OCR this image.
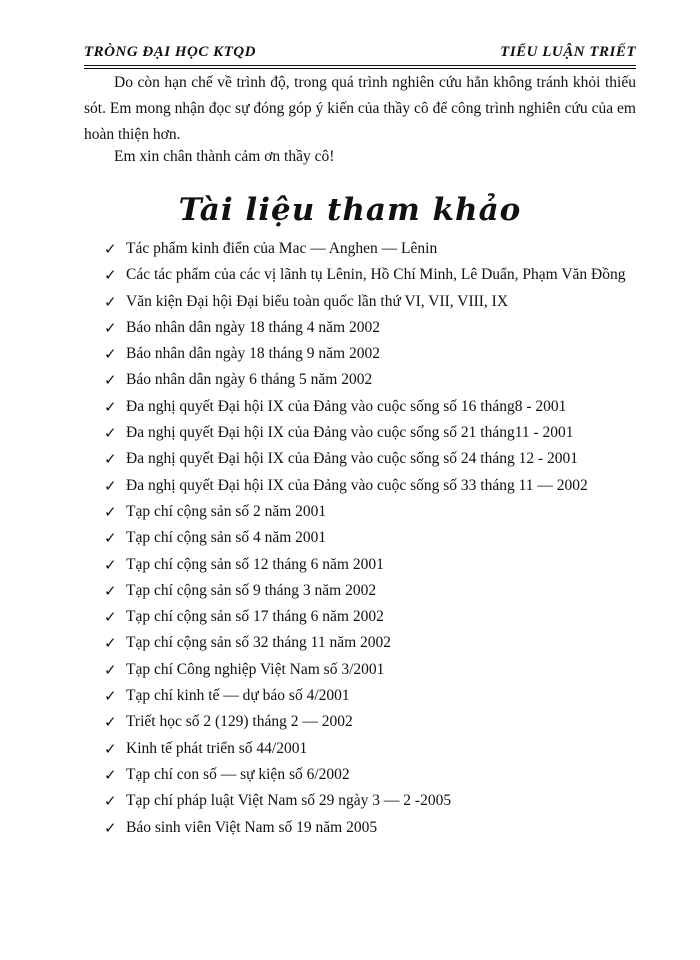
TRÒNG ĐẠI HỌC KTQD	TIỂU LUẬN TRIẾT

Do còn hạn chế về trình độ, trong quá trình nghiên cứu hẳn không tránh khỏi thiếu sót. Em mong nhận đọc sự đóng góp ý kiến của thầy cô để công trình nghiên cứu của em hoàn thiện hơn.

Em xin chân thành cảm ơn thầy cô!

Tài liệu tham khảo
✓ Tác phẩm kinh điển của Mac — Anghen — Lênin
✓ Các tác phẩm của các vị lãnh tụ Lênin, Hồ Chí Minh, Lê Duẩn, Phạm Văn Đồng
✓ Văn kiện Đại hội Đại biểu toàn quốc lần thứ VI, VII, VIII, IX
✓ Báo nhân dân ngày 18 tháng 4 năm 2002
✓ Báo nhân dân ngày 18 tháng 9 năm 2002
✓ Báo nhân dân ngày 6 tháng 5 năm 2002
✓ Đa nghị quyết Đại hội IX của Đảng vào cuộc sống số 16 tháng8 - 2001
✓ Đa nghị quyết Đại hội IX của Đảng vào cuộc sống số 21 tháng11 - 2001
✓ Đa nghị quyết Đại hội IX của Đảng vào cuộc sống số 24 tháng 12 - 2001
✓ Đa nghị quyết Đại hội IX của Đảng vào cuộc sống số 33 tháng 11 — 2002
✓ Tạp chí cộng sản số 2 năm 2001
✓ Tạp chí cộng sản số 4 năm 2001
✓ Tạp chí cộng sản số 12 tháng 6 năm 2001
✓ Tạp chí cộng sản số 9 tháng 3 năm 2002
✓ Tạp chí cộng sản số 17 tháng 6 năm 2002
✓ Tạp chí cộng sản số 32 tháng 11 năm 2002
✓ Tạp chí Công nghiệp Việt Nam số 3/2001
✓ Tạp chí kinh tế — dự báo số 4/2001
✓ Triết học số 2 (129) tháng 2 — 2002
✓ Kinh tế phát triển số 44/2001
✓ Tạp chí con số — sự kiện số 6/2002
✓ Tạp chí pháp luật Việt Nam số 29 ngày 3 — 2 -2005
✓ Báo sinh viên Việt Nam số 19 năm 2005
